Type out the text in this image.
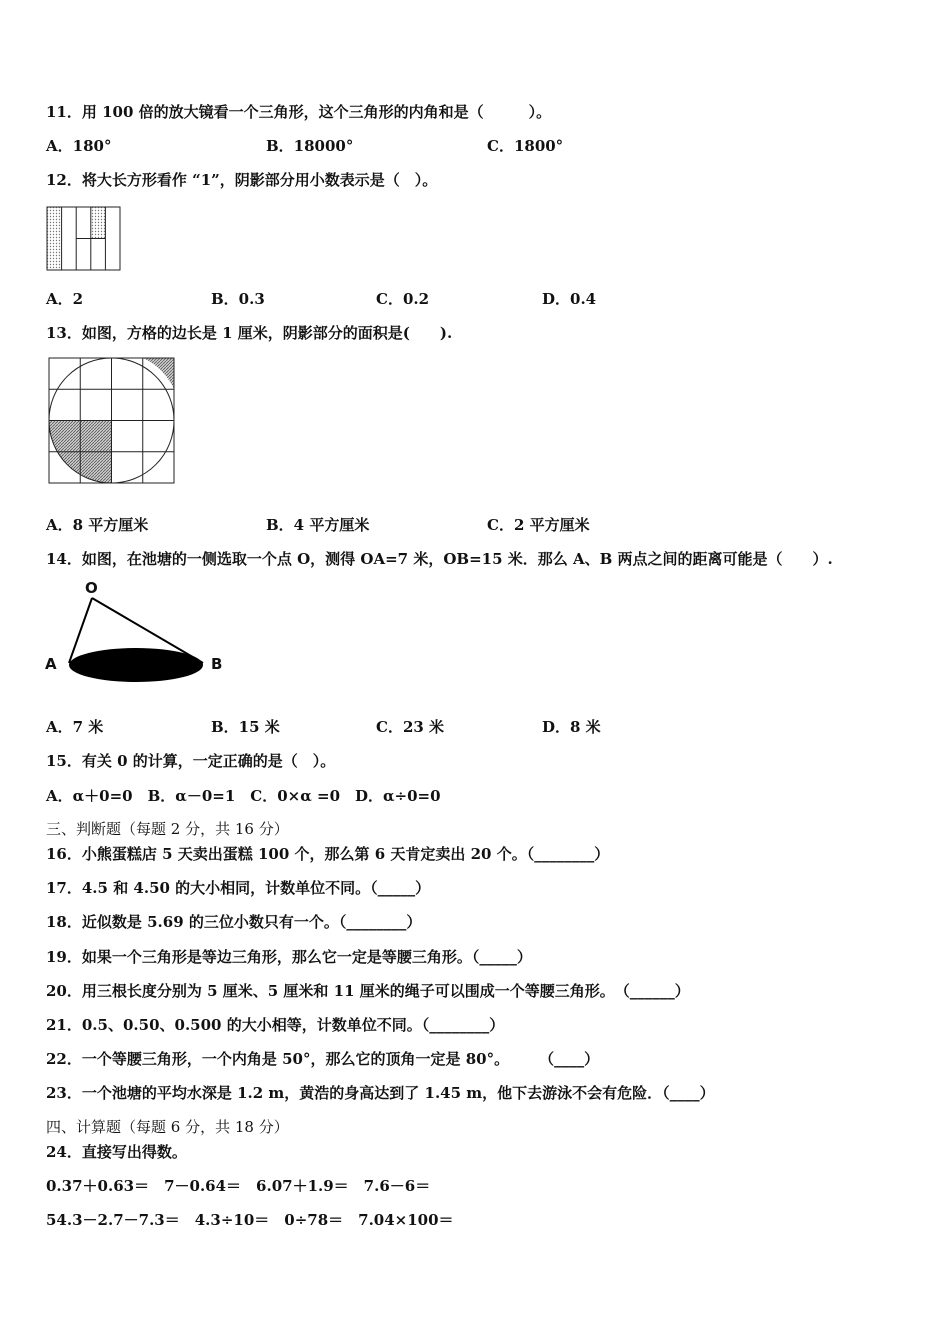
11．用 100 倍的放大镜看一个三角形，这个三角形的内角和是（　　　）。
A．180°	B．18000°	C．1800°
12．将大长方形看作 “1”，阴影部分用小数表示是（　）。
A．2	B．0.3	C．0.2	D．0.4
13．如图，方格的边长是 1 厘米，阴影部分的面积是(　　).
A．8 平方厘米	B．4 平方厘米	C．2 平方厘米
14．如图，在池塘的一侧选取一个点 O，测得 OA=7 米，OB=15 米．那么 A、B 两点之间的距离可能是（　　）.
O
A	B
A．7 米	B．15 米	C．23 米	D．8 米
15．有关 0 的计算，一定正确的是（　）。
A．α＋0=0　B．α－0=1　C．0×α =0　D．α÷0=0
三、判断题（每题 2 分，共 16 分）
16．小熊蛋糕店 5 天卖出蛋糕 100 个，那么第 6 天肯定卖出 20 个。（________）
17．4.5 和 4.50 的大小相同，计数单位不同。（_____）
18．近似数是 5.69 的三位小数只有一个。（________）
19．如果一个三角形是等边三角形，那么它一定是等腰三角形。（_____）
20．用三根长度分别为 5 厘米、5 厘米和 11 厘米的绳子可以围成一个等腰三角形。　（______）
21．0.5、0.50、0.500 的大小相等，计数单位不同。（________）
22．一个等腰三角形，一个内角是 50°，那么它的顶角一定是 80°。　　　（____）
23．一个池塘的平均水深是 1.2 m，黄浩的身高达到了 1.45 m，他下去游泳不会有危险．（____）
四、计算题（每题 6 分，共 18 分）
24．直接写出得数。
0.37＋0.63＝　7－0.64＝　6.07＋1.9＝　7.6－6＝
54.3－2.7－7.3＝　4.3÷10＝　0÷78＝　7.04×100＝
